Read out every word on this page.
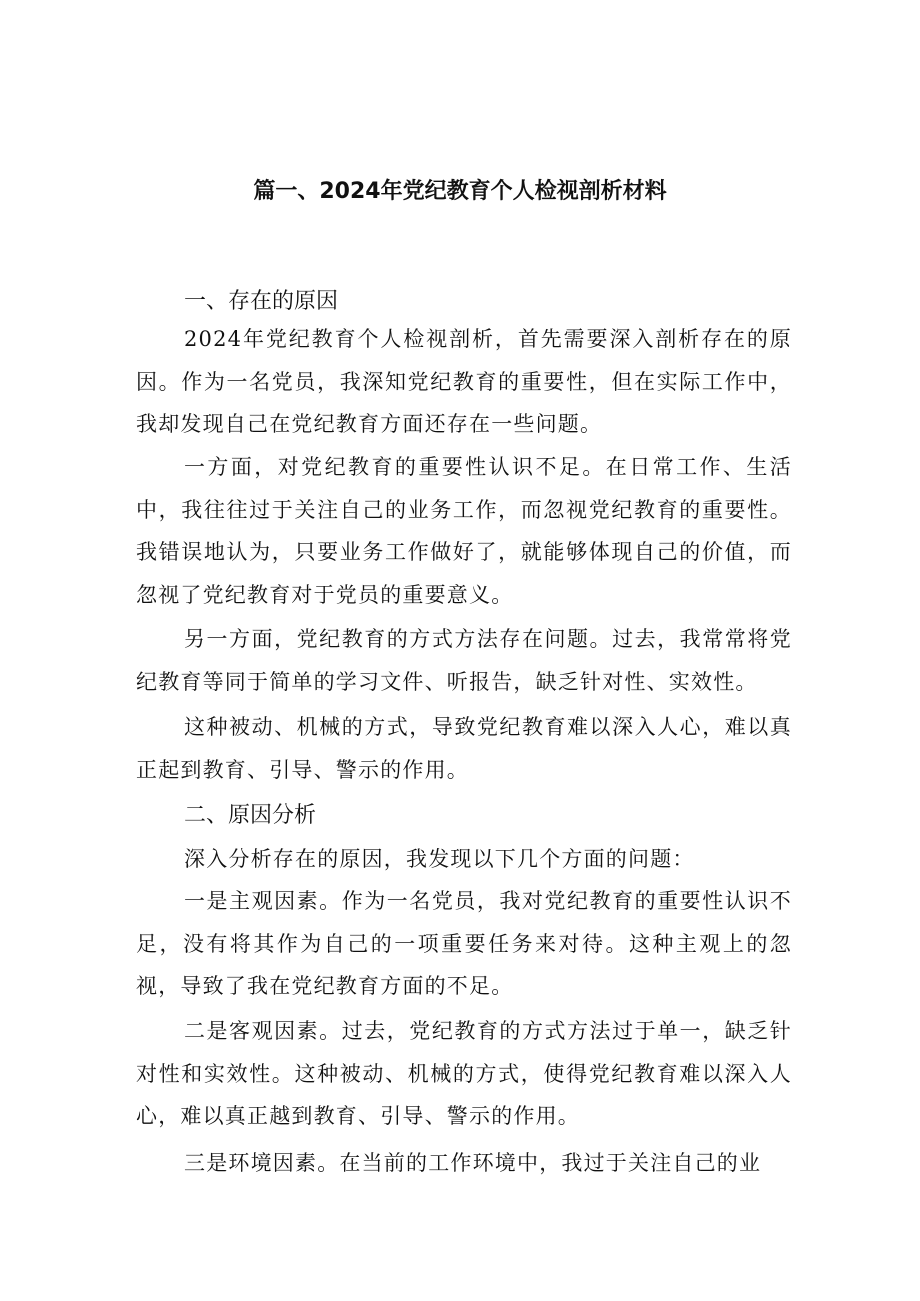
篇一、2024年党纪教育个人检视剖析材料
一、存在的原因
2024年党纪教育个人检视剖析，首先需要深入剖析存在的原因。作为一名党员，我深知党纪教育的重要性，但在实际工作中，我却发现自己在党纪教育方面还存在一些问题。
一方面，对党纪教育的重要性认识不足。在日常工作、生活中，我往往过于关注自己的业务工作，而忽视党纪教育的重要性。我错误地认为，只要业务工作做好了，就能够体现自己的价值，而忽视了党纪教育对于党员的重要意义。
另一方面，党纪教育的方式方法存在问题。过去，我常常将党纪教育等同于简单的学习文件、听报告，缺乏针对性、实效性。
这种被动、机械的方式，导致党纪教育难以深入人心，难以真正起到教育、引导、警示的作用。
二、原因分析
深入分析存在的原因，我发现以下几个方面的问题：
一是主观因素。作为一名党员，我对党纪教育的重要性认识不足，没有将其作为自己的一项重要任务来对待。这种主观上的忽视，导致了我在党纪教育方面的不足。
二是客观因素。过去，党纪教育的方式方法过于单一，缺乏针对性和实效性。这种被动、机械的方式，使得党纪教育难以深入人心，难以真正越到教育、引导、警示的作用。
三是环境因素。在当前的工作环境中，我过于关注自己的业
